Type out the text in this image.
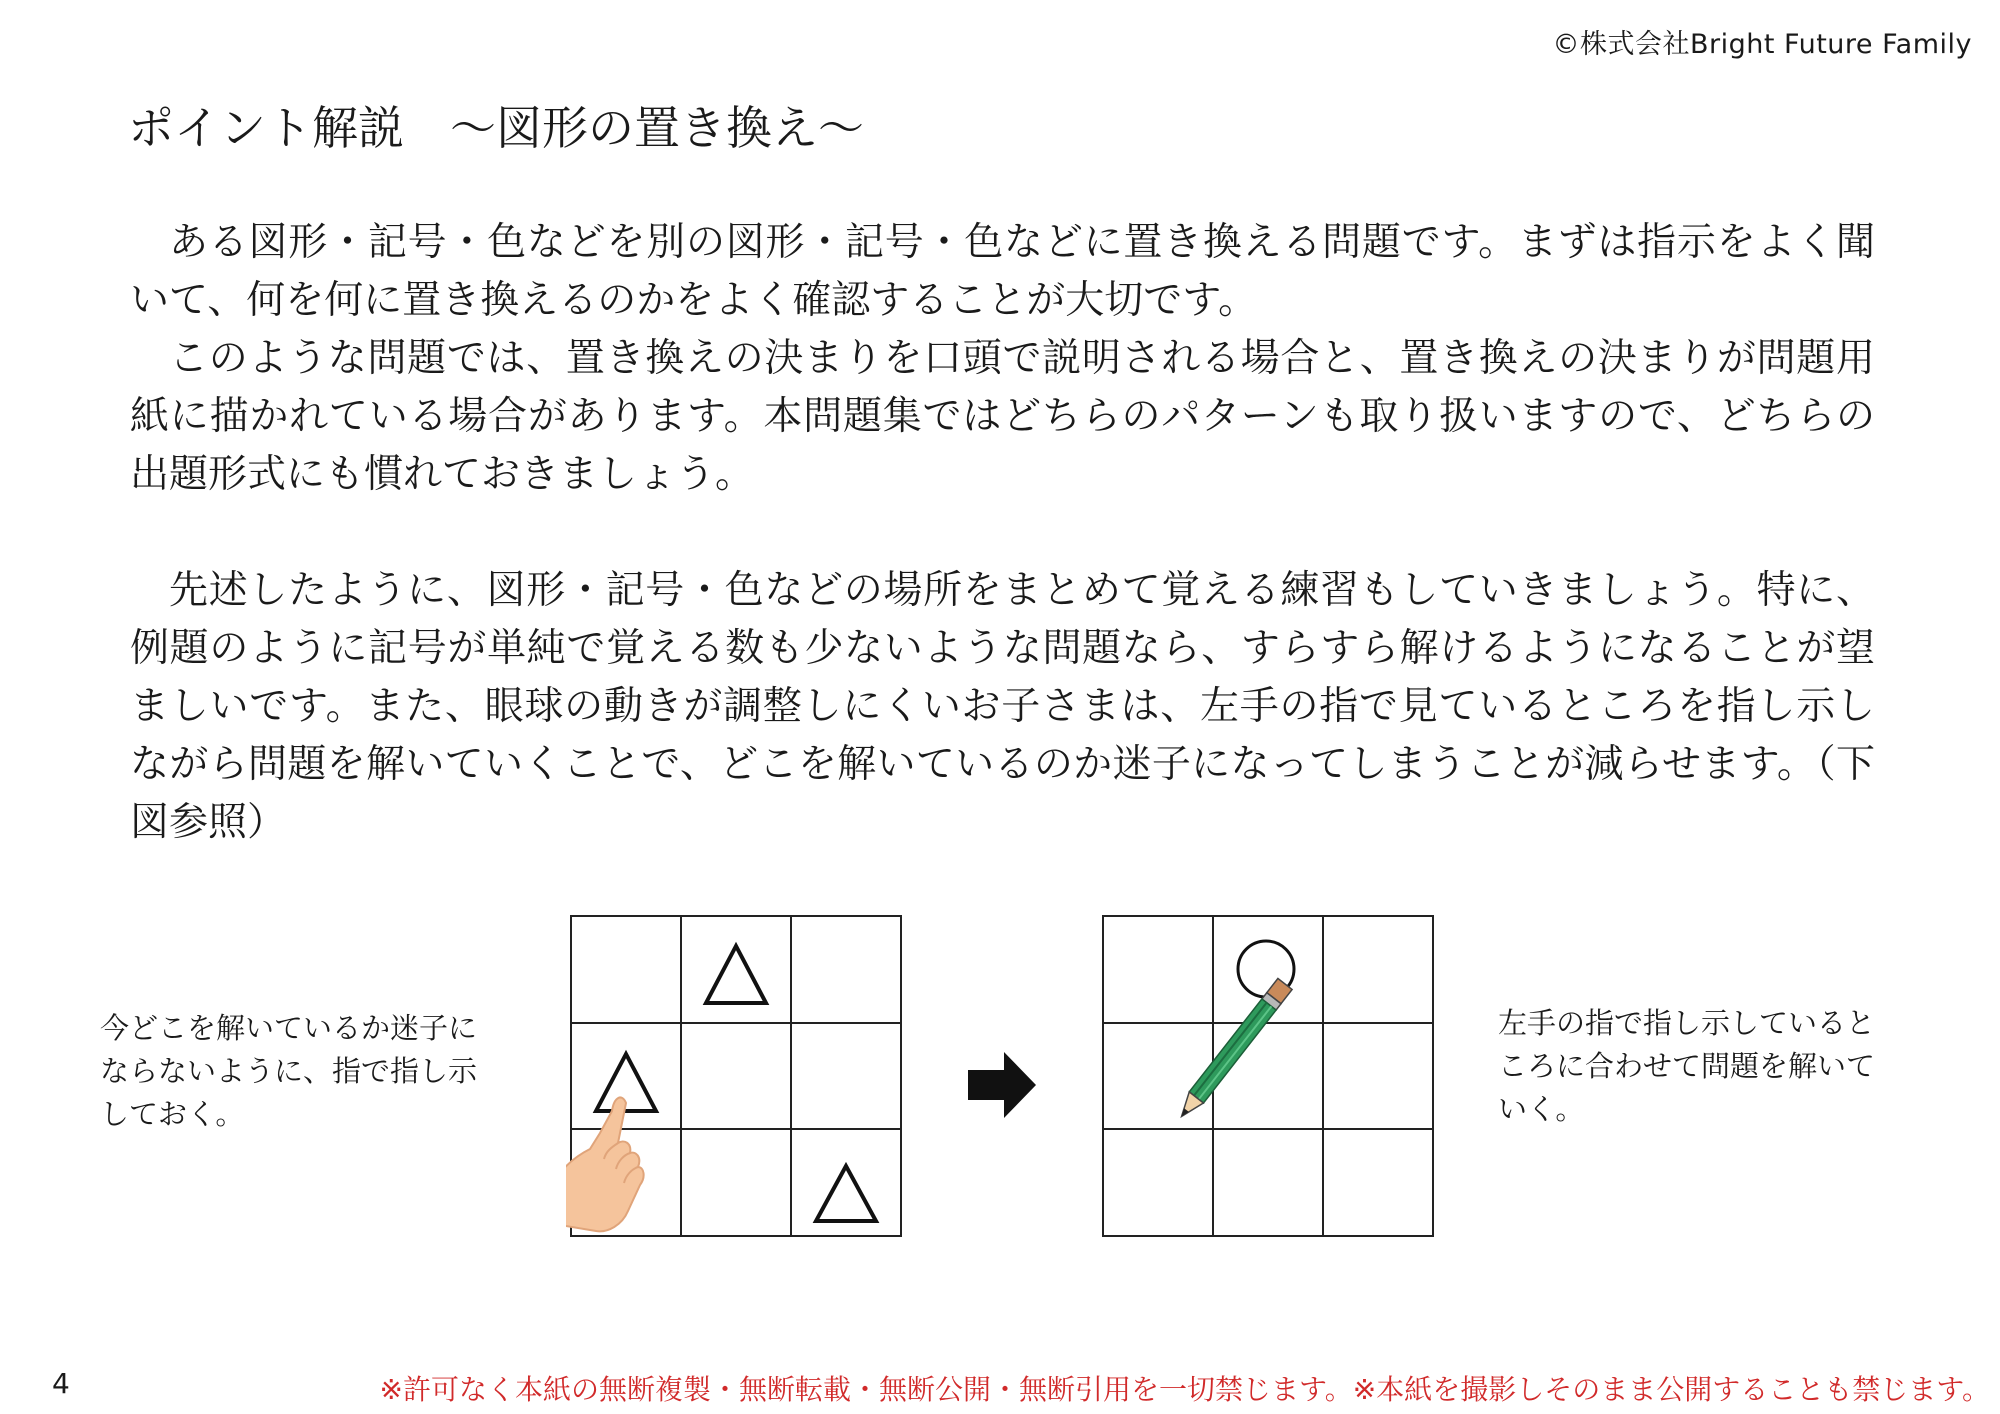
©株式会社Bright Future Family
ポイント解説　～図形の置き換え～

ある図形・記号・色などを別の図形・記号・色などに置き換える問題です。まずは指示をよく聞いて、何を何に置き換えるのかをよく確認することが大切です。

このような問題では、置き換えの決まりを口頭で説明される場合と、置き換えの決まりが問題用紙に描かれている場合があります。本問題集ではどちらのパターンも取り扱いますので、どちらの出題形式にも慣れておきましょう。

先述したように、図形・記号・色などの場所をまとめて覚える練習もしていきましょう。特に、例題のように記号が単純で覚える数も少ないような問題なら、すらすら解けるようになることが望ましいです。また、眼球の動きが調整しにくいお子さまは、左手の指で見ているところを指し示しながら問題を解いていくことで、どこを解いているのか迷子になってしまうことが減らせます。（下図参照）

今どこを解いているか迷子にならないように、指で指し示しておく。
左手の指で指し示しているところに合わせて問題を解いていく。
4	※許可なく本紙の無断複製・無断転載・無断公開・無断引用を一切禁じます。※本紙を撮影しそのまま公開することも禁じます。
